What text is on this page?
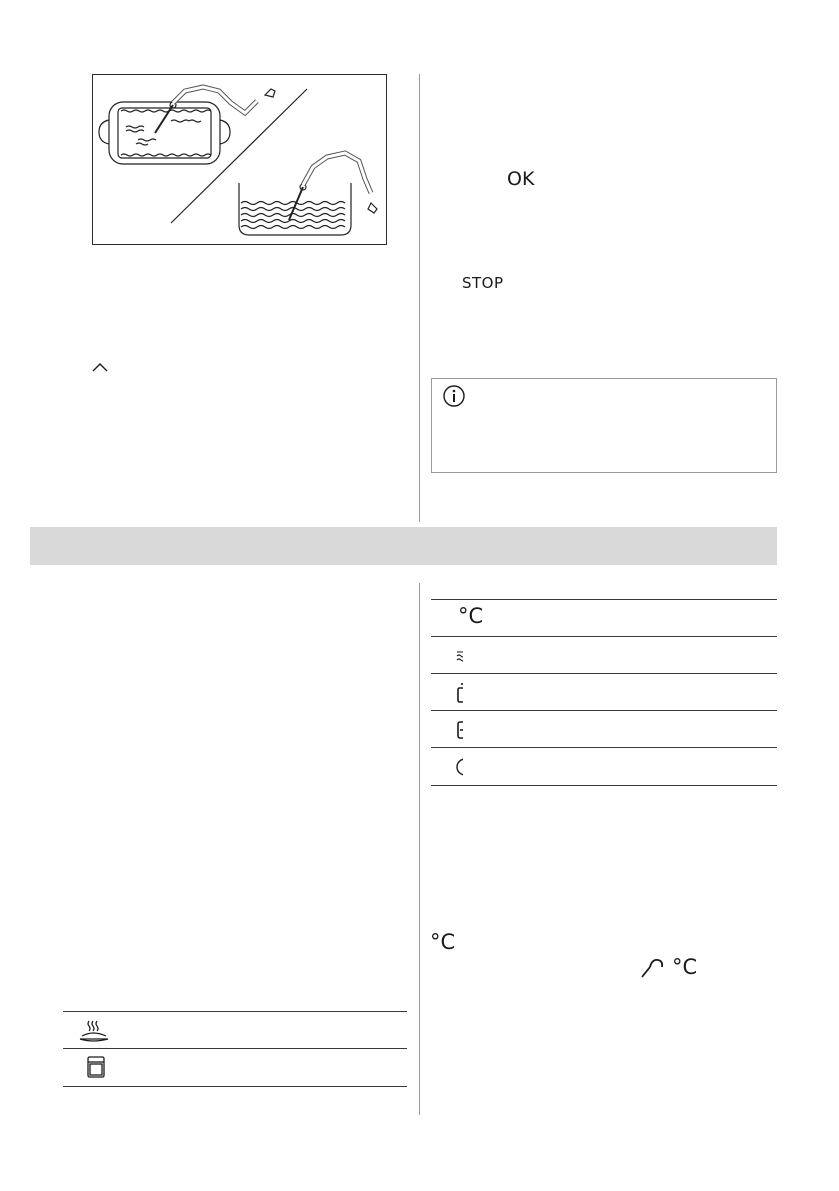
OK
STOP
°C
°C
°C
